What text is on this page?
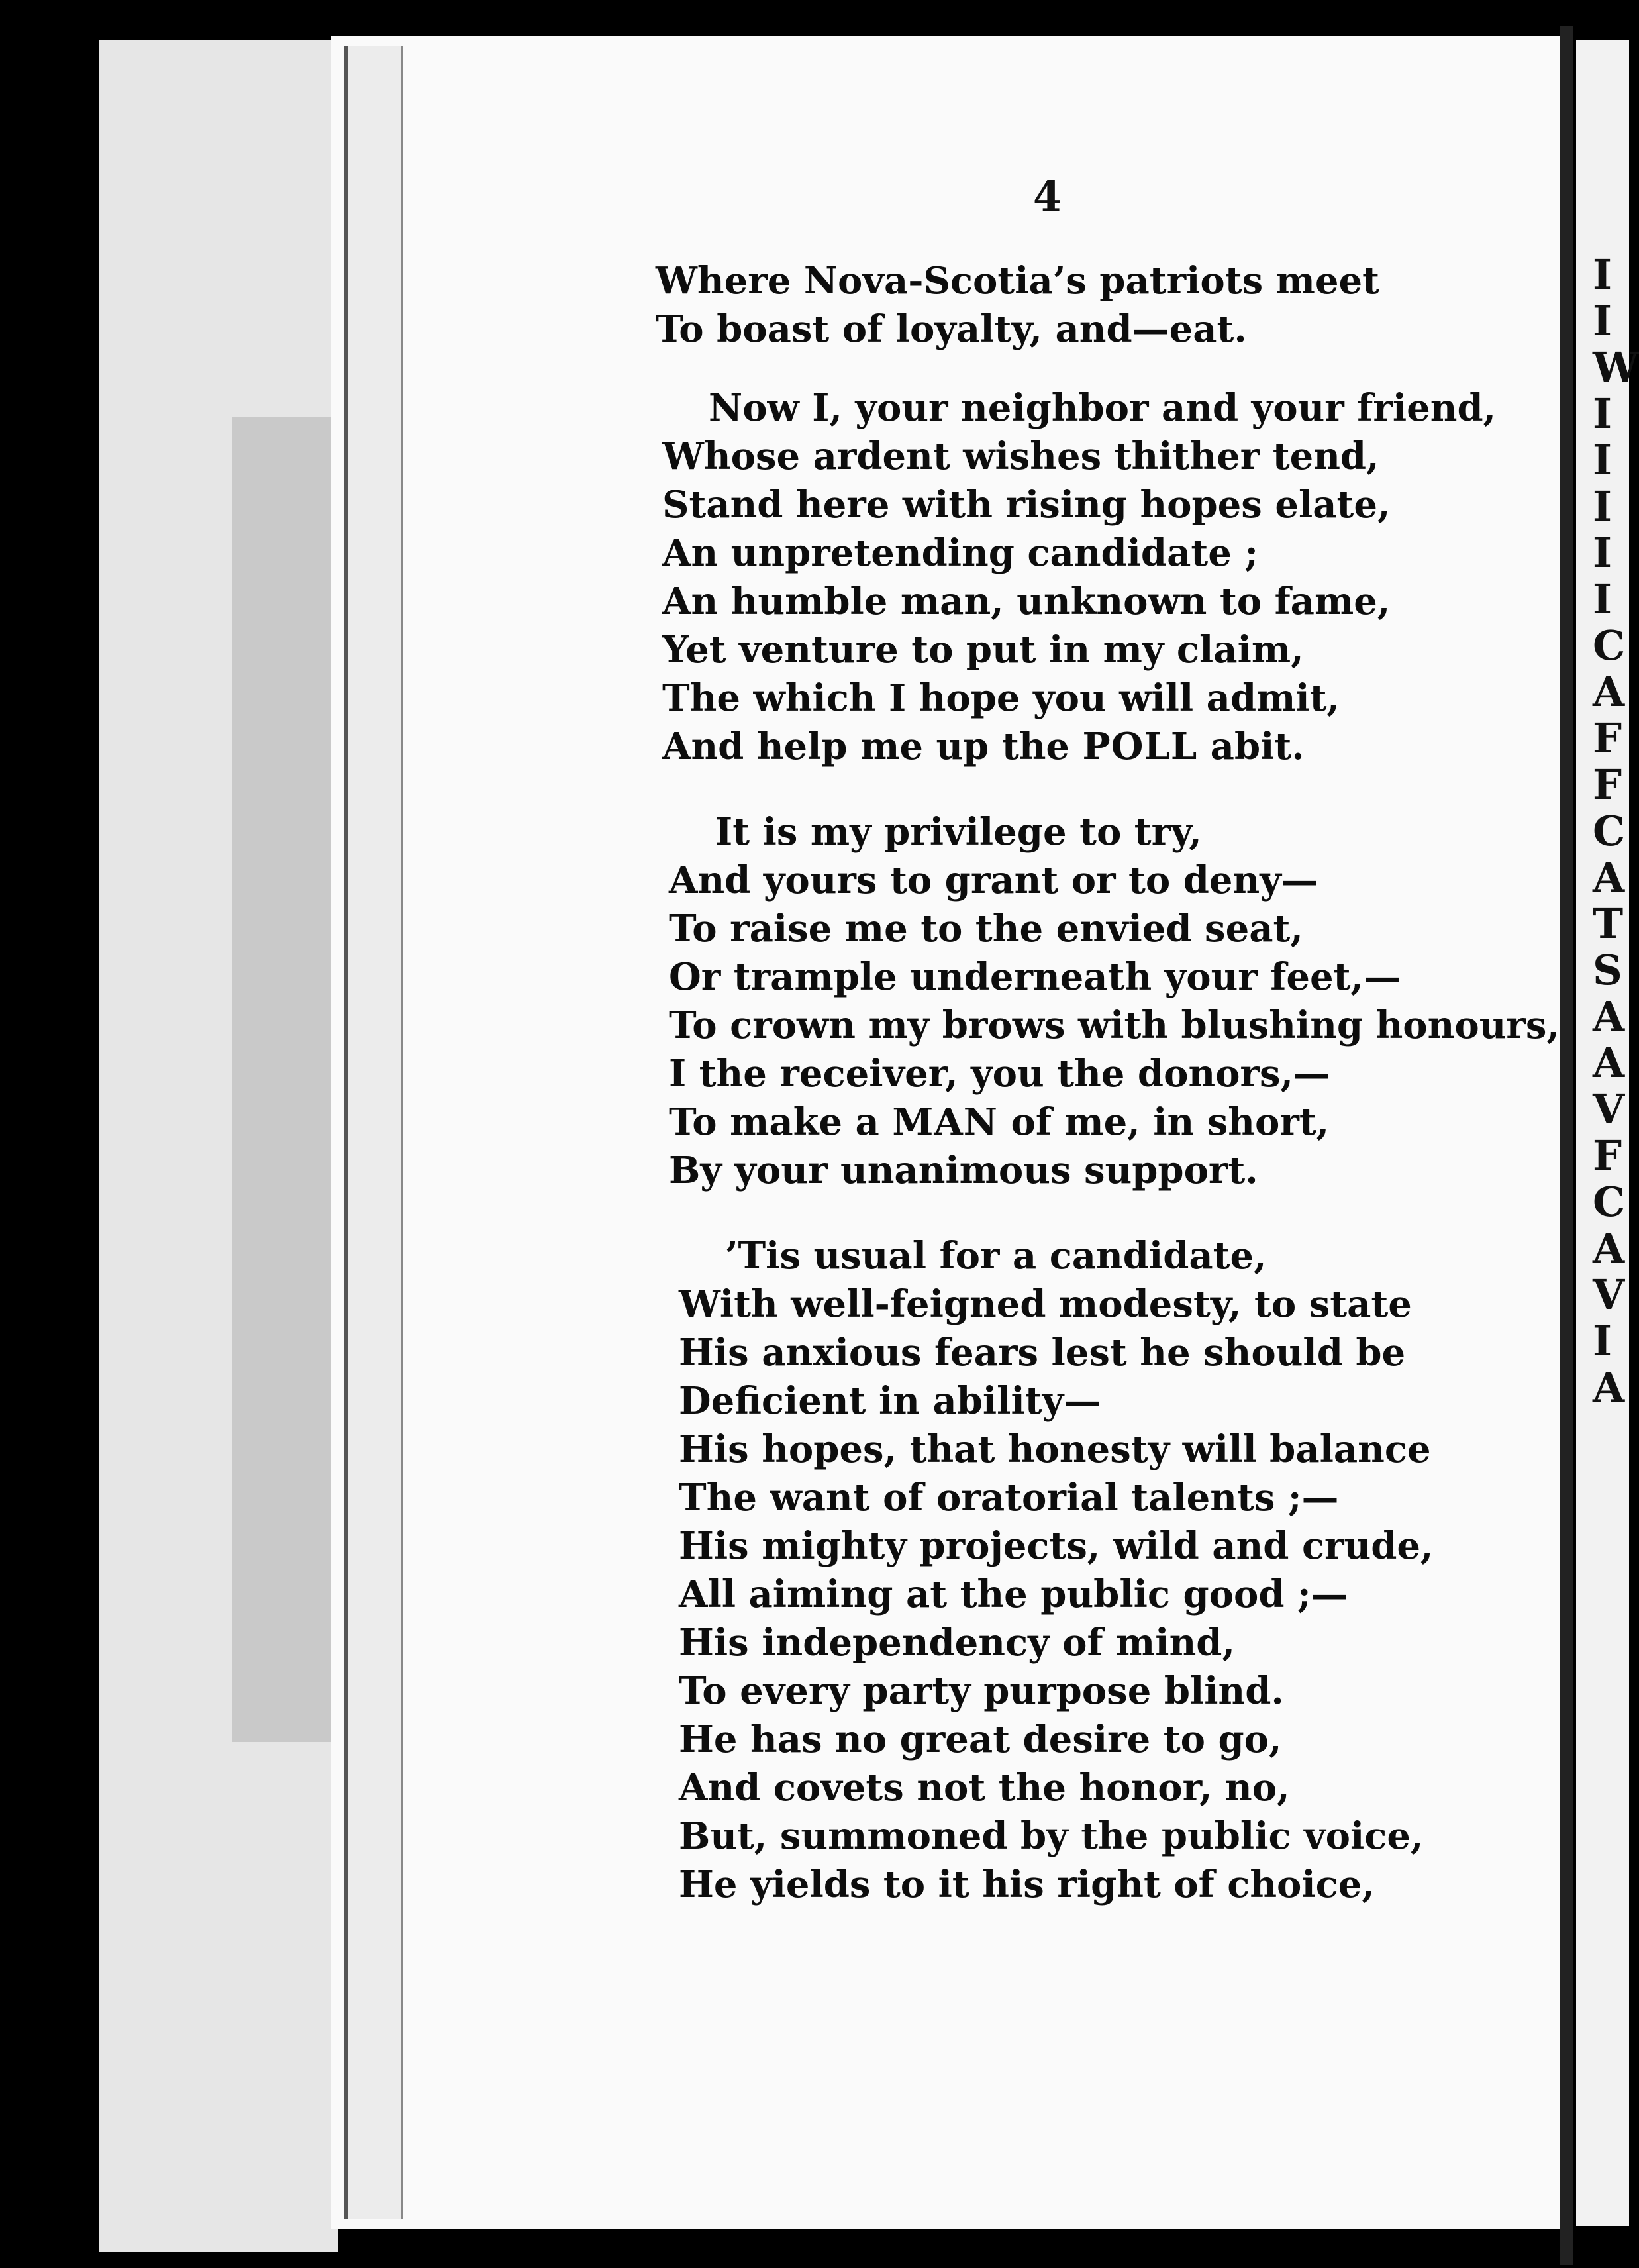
I
I
W
I
I
I
I
I
C
A
F
F
C
A
T
S
A
A
V
F
C
A
V
I
A
4
Where Nova-Scotia’s patriots meet
To boast of loyalty, and—eat.
Now I, your neighbor and your friend,
Whose ardent wishes thither tend,
Stand here with rising hopes elate,
An unpretending candidate ;
An humble man, unknown to fame,
Yet venture to put in my claim,
The which I hope you will admit,
And help me up the POLL abit.
It is my privilege to try,
And yours to grant or to deny—
To raise me to the envied seat,
Or trample underneath your feet,—
To crown my brows with blushing honours,
I the receiver, you the donors,—
To make a MAN of me, in short,
By your unanimous support.
’Tis usual for a candidate,
With well-feigned modesty, to state
His anxious fears lest he should be
Deficient in ability—
His hopes, that honesty will balance
The want of oratorial talents ;—
His mighty projects, wild and crude,
All aiming at the public good ;—
His independency of mind,
To every party purpose blind.
He has no great desire to go,
And covets not the honor, no,
But, summoned by the public voice,
He yields to it his right of choice,
